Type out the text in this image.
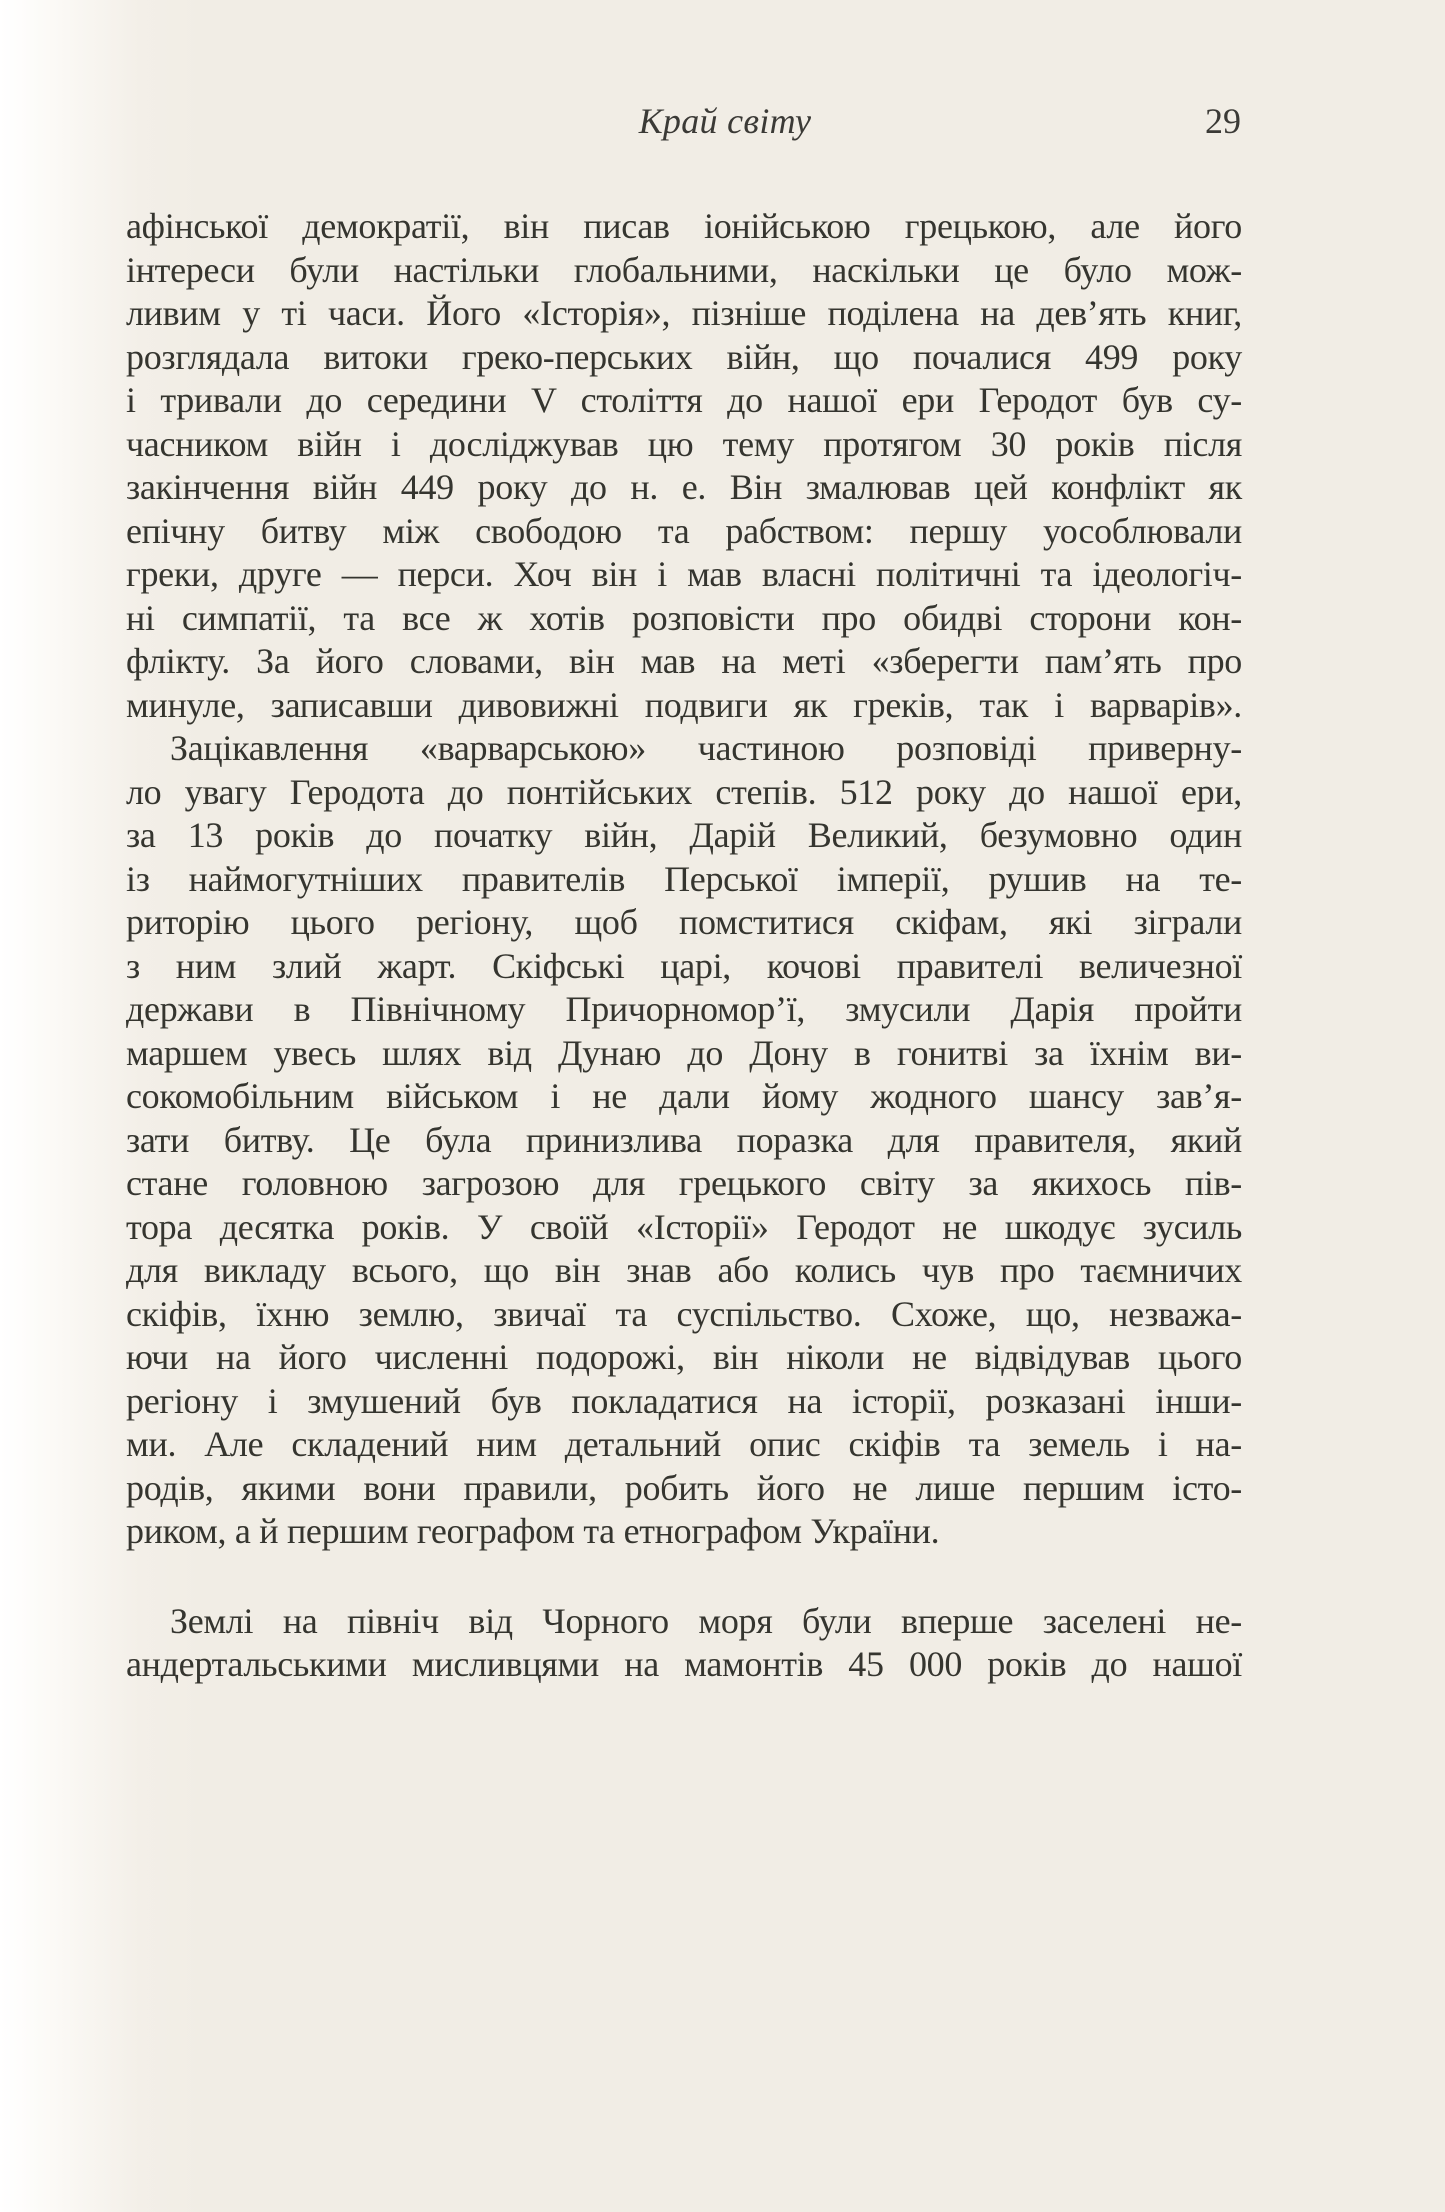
Край світу	29
афінської демократії, він писав іонійською грецькою, але його
інтереси були настільки глобальними, наскільки це було мож-
ливим у ті часи. Його «Історія», пізніше поділена на дев’ять книг,
розглядала витоки греко-перських війн, що почалися 499 року
і тривали до середини V століття до нашої ери Геродот був су-
часником війн і досліджував цю тему протягом 30 років після
закінчення війн 449 року до н. е. Він змалював цей конфлікт як
епічну битву між свободою та рабством: першу уособлювали
греки, друге — перси. Хоч він і мав власні політичні та ідеологіч-
ні симпатії, та все ж хотів розповісти про обидві сторони кон-
флікту. За його словами, він мав на меті «зберегти пам’ять про
минуле, записавши дивовижні подвиги як греків, так і варварів».
Зацікавлення «варварською» частиною розповіді приверну-
ло увагу Геродота до понтійських степів. 512 року до нашої ери,
за 13 років до початку війн, Дарій Великий, безумовно один
із наймогутніших правителів Перської імперії, рушив на те-
риторію цього регіону, щоб помститися скіфам, які зіграли
з ним злий жарт. Скіфські царі, кочові правителі величезної
держави в Північному Причорномор’ї, змусили Дарія пройти
маршем увесь шлях від Дунаю до Дону в гонитві за їхнім ви-
сокомобільним військом і не дали йому жодного шансу зав’я-
зати битву. Це була принизлива поразка для правителя, який
стане головною загрозою для грецького світу за якихось пів-
тора десятка років. У своїй «Історії» Геродот не шкодує зусиль
для викладу всього, що він знав або колись чув про таємничих
скіфів, їхню землю, звичаї та суспільство. Схоже, що, незважа-
ючи на його численні подорожі, він ніколи не відвідував цього
регіону і змушений був покладатися на історії, розказані інши-
ми. Але складений ним детальний опис скіфів та земель і на-
родів, якими вони правили, робить його не лише першим істо-
риком, а й першим географом та етнографом України.
Землі на північ від Чорного моря були вперше заселені не-
андертальськими мисливцями на мамонтів 45 000 років до нашої
